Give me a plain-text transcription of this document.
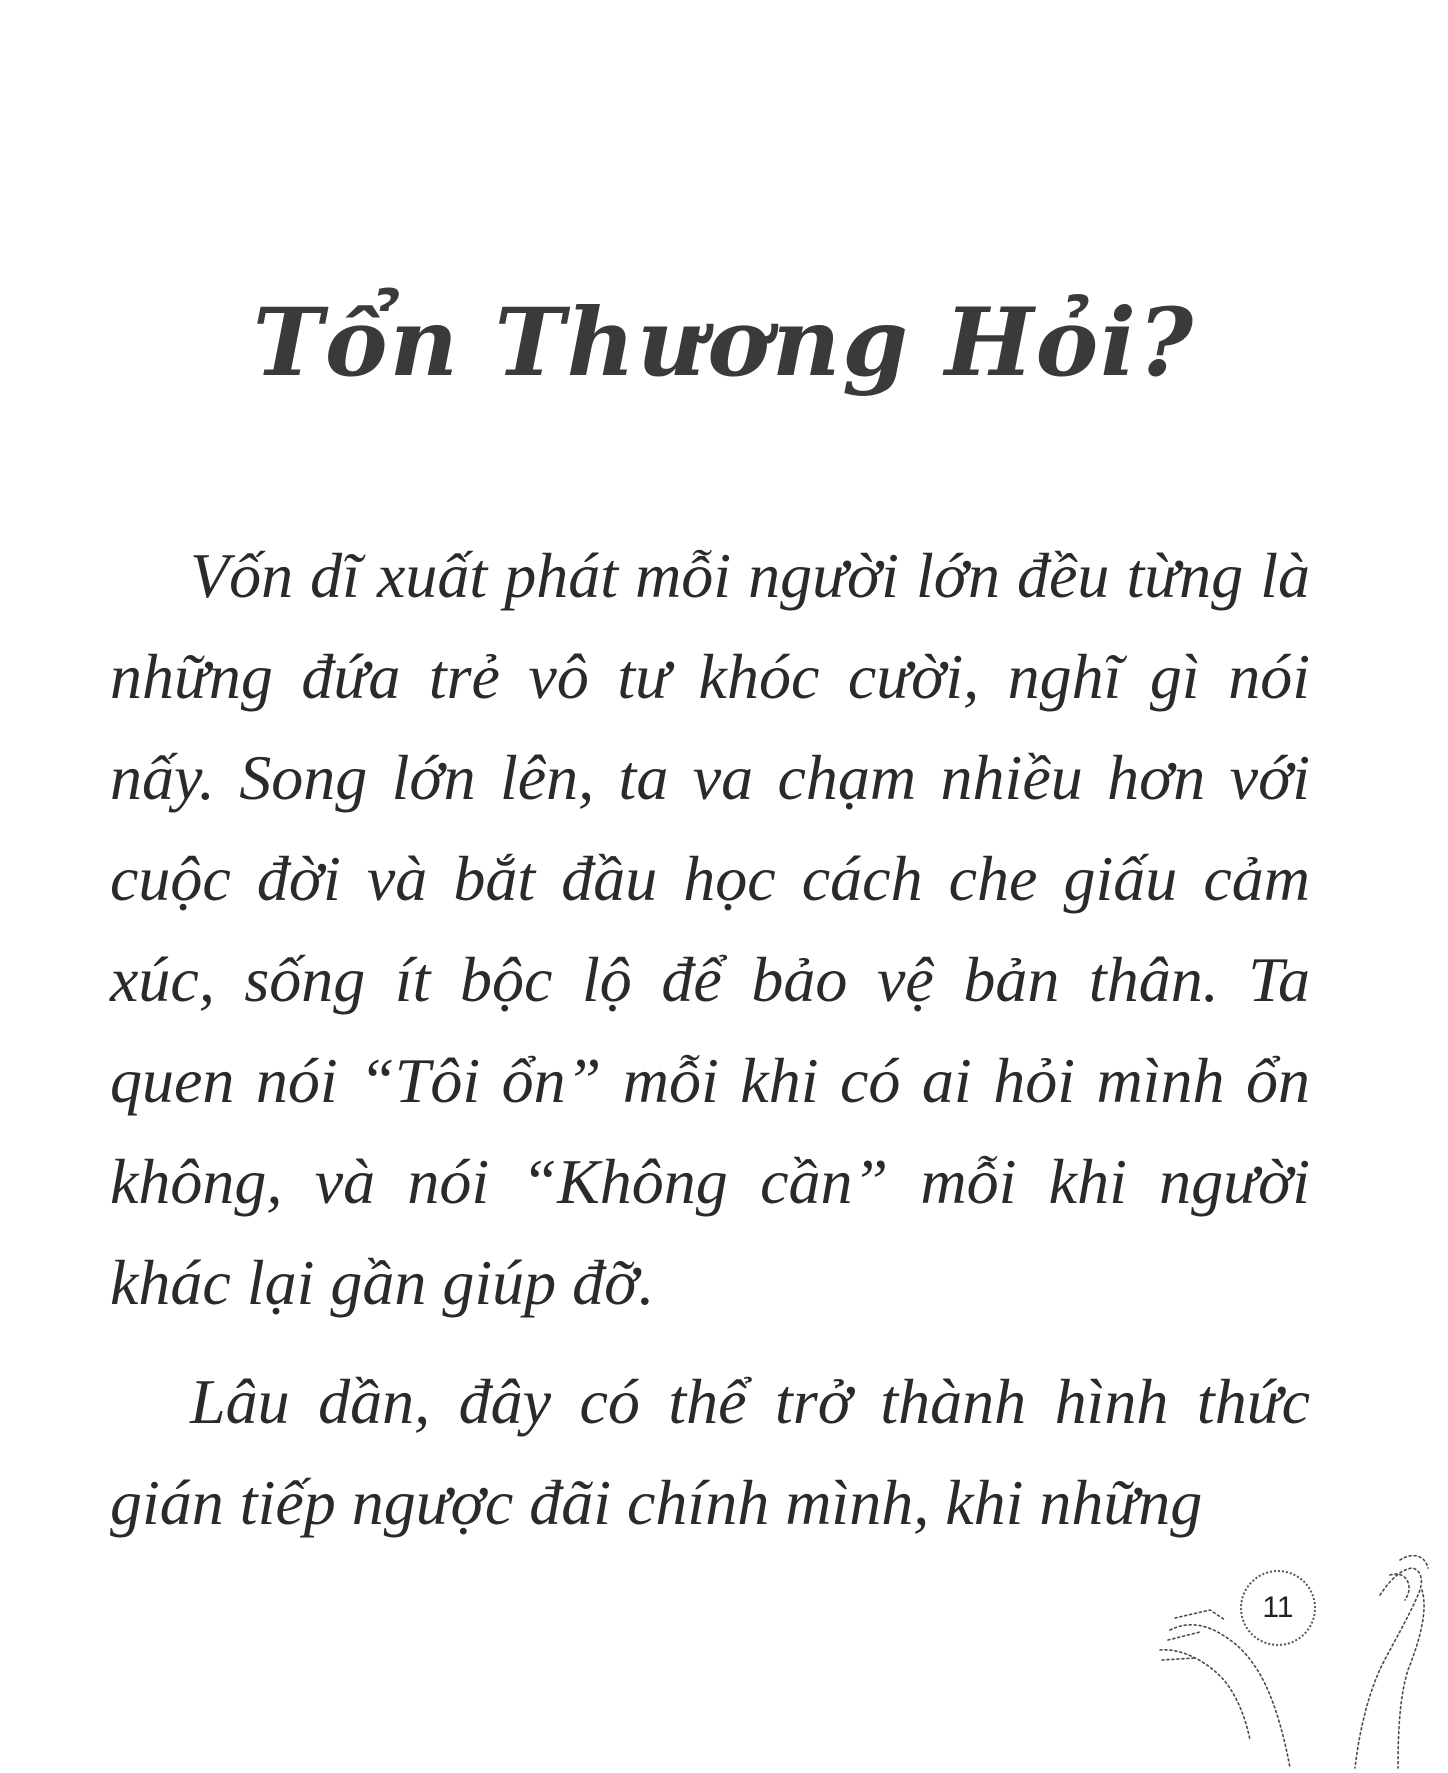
Tổn Thương Hỏi?

Vốn dĩ xuất phát mỗi người lớn đều từng là những đứa trẻ vô tư khóc cười, nghĩ gì nói nấy. Song lớn lên, ta va chạm nhiều hơn với cuộc đời và bắt đầu học cách che giấu cảm xúc, sống ít bộc lộ để bảo vệ bản thân. Ta quen nói “Tôi ổn” mỗi khi có ai hỏi mình ổn không, và nói “Không cần” mỗi khi người khác lại gần giúp đỡ.

Lâu dần, đây có thể trở thành hình thức gián tiếp ngược đãi chính mình, khi những

11
